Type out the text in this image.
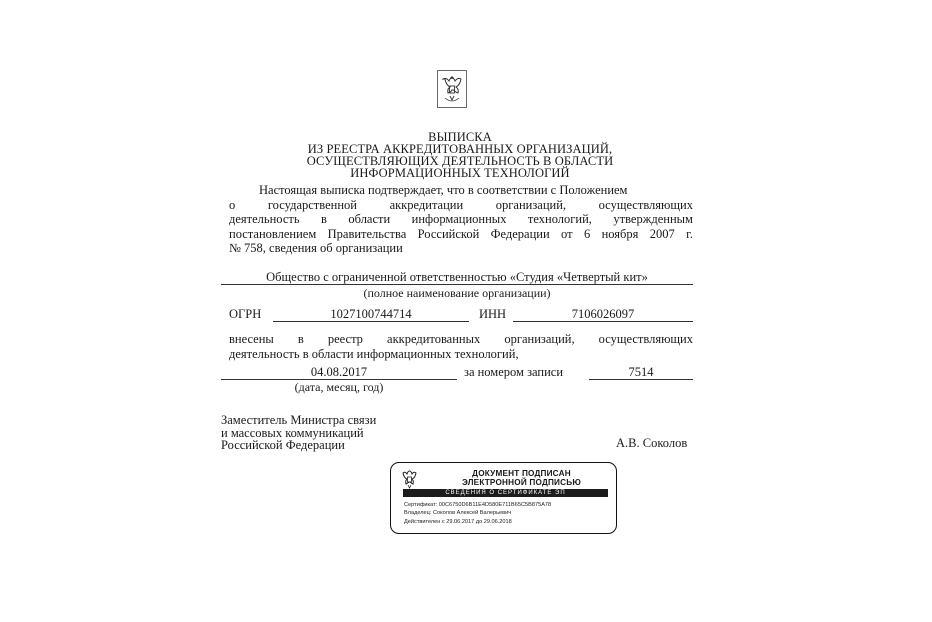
ВЫПИСКА
ИЗ РЕЕСТРА АККРЕДИТОВАННЫХ ОРГАНИЗАЦИЙ,
ОСУЩЕСТВЛЯЮЩИХ ДЕЯТЕЛЬНОСТЬ В ОБЛАСТИ
ИНФОРМАЦИОННЫХ ТЕХНОЛОГИЙ
Настоящая выписка подтверждает, что в соответствии с Положением
о	государственной	аккредитации	организаций,	осуществляющих
деятельность в области информационных технологий, утвержденным
постановлением Правительства Российской Федерации от 6 ноября 2007 г.
№ 758, сведения об организации
Общество с ограниченной ответственностью «Студия «Четвертый кит»
(полное наименование организации)
ОГРН	1027100744714	ИНН	7106026097
внесены в реестр аккредитованных организаций, осуществляющих
деятельность в области информационных технологий,
04.08.2017	за номером записи	7514
(дата, месяц, год)
Заместитель Министра связи
и массовых коммуникаций
Российской Федерации	А.В. Соколов
ДОКУМЕНТ ПОДПИСАН
ЭЛЕКТРОННОЙ ПОДПИСЬЮ
СВЕДЕНИЯ О СЕРТИФИКАТЕ ЭП
Сертификат: 00C6750D6B11E4D580E711B65C5B875A78
Владелец: Соколов Алексей Валерьевич
Действителен с 29.06.2017 до 29.06.2018
